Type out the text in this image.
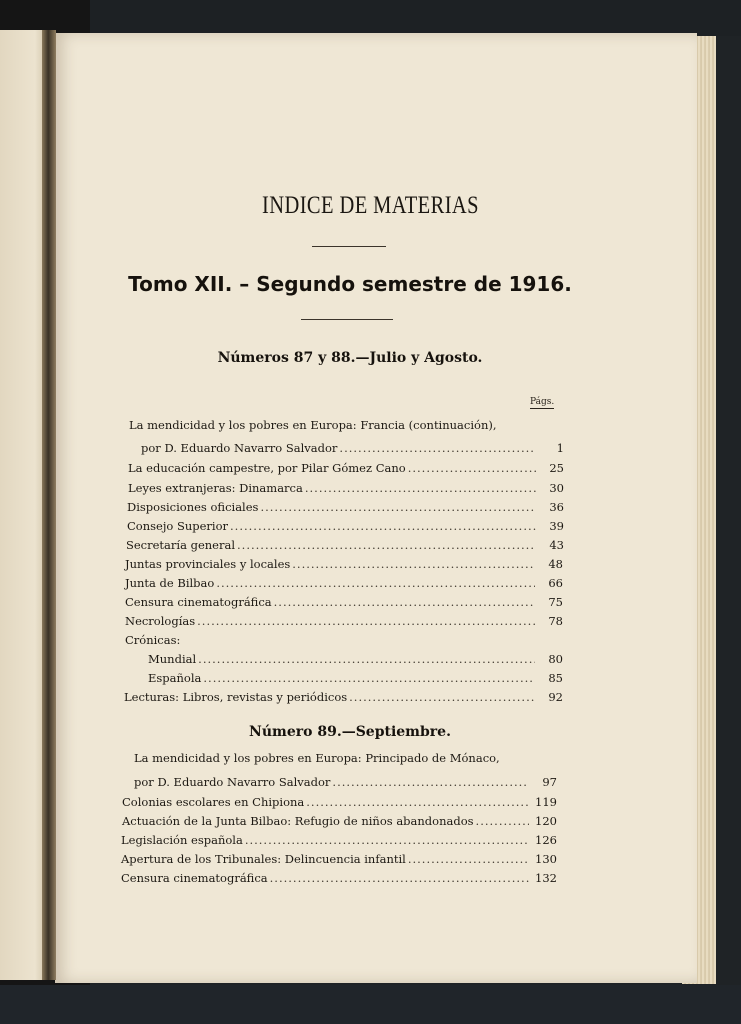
INDICE DE MATERIAS
Tomo XII. – Segundo semestre de 1916.
Números 87 y 88.—Julio y Agosto.
Págs.
La mendicidad y los pobres en Europa: Francia (continuación),
por D. Eduardo Navarro Salvador .....	1
La educación campestre, por Pilar Gómez Cano .....	25
Leyes extranjeras: Dinamarca .....	30
Disposiciones oficiales .....	36
Consejo Superior .....	39
Secretaría general .....	43
Juntas provinciales y locales .....	48
Junta de Bilbao .....	66
Censura cinematográfica .....	75
Necrologías .....	78
Crónicas:
Mundial .....	80
Española .....	85
Lecturas: Libros, revistas y periódicos .....	92
Número 89.—Septiembre.
La mendicidad y los pobres en Europa: Principado de Mónaco,
por D. Eduardo Navarro Salvador .....	97
Colonias escolares en Chipiona .....	119
Actuación de la Junta Bilbao: Refugio de niños abandonados .....	120
Legislación española .....	126
Apertura de los Tribunales: Delincuencia infantil .....	130
Censura cinematográfica .....	132
